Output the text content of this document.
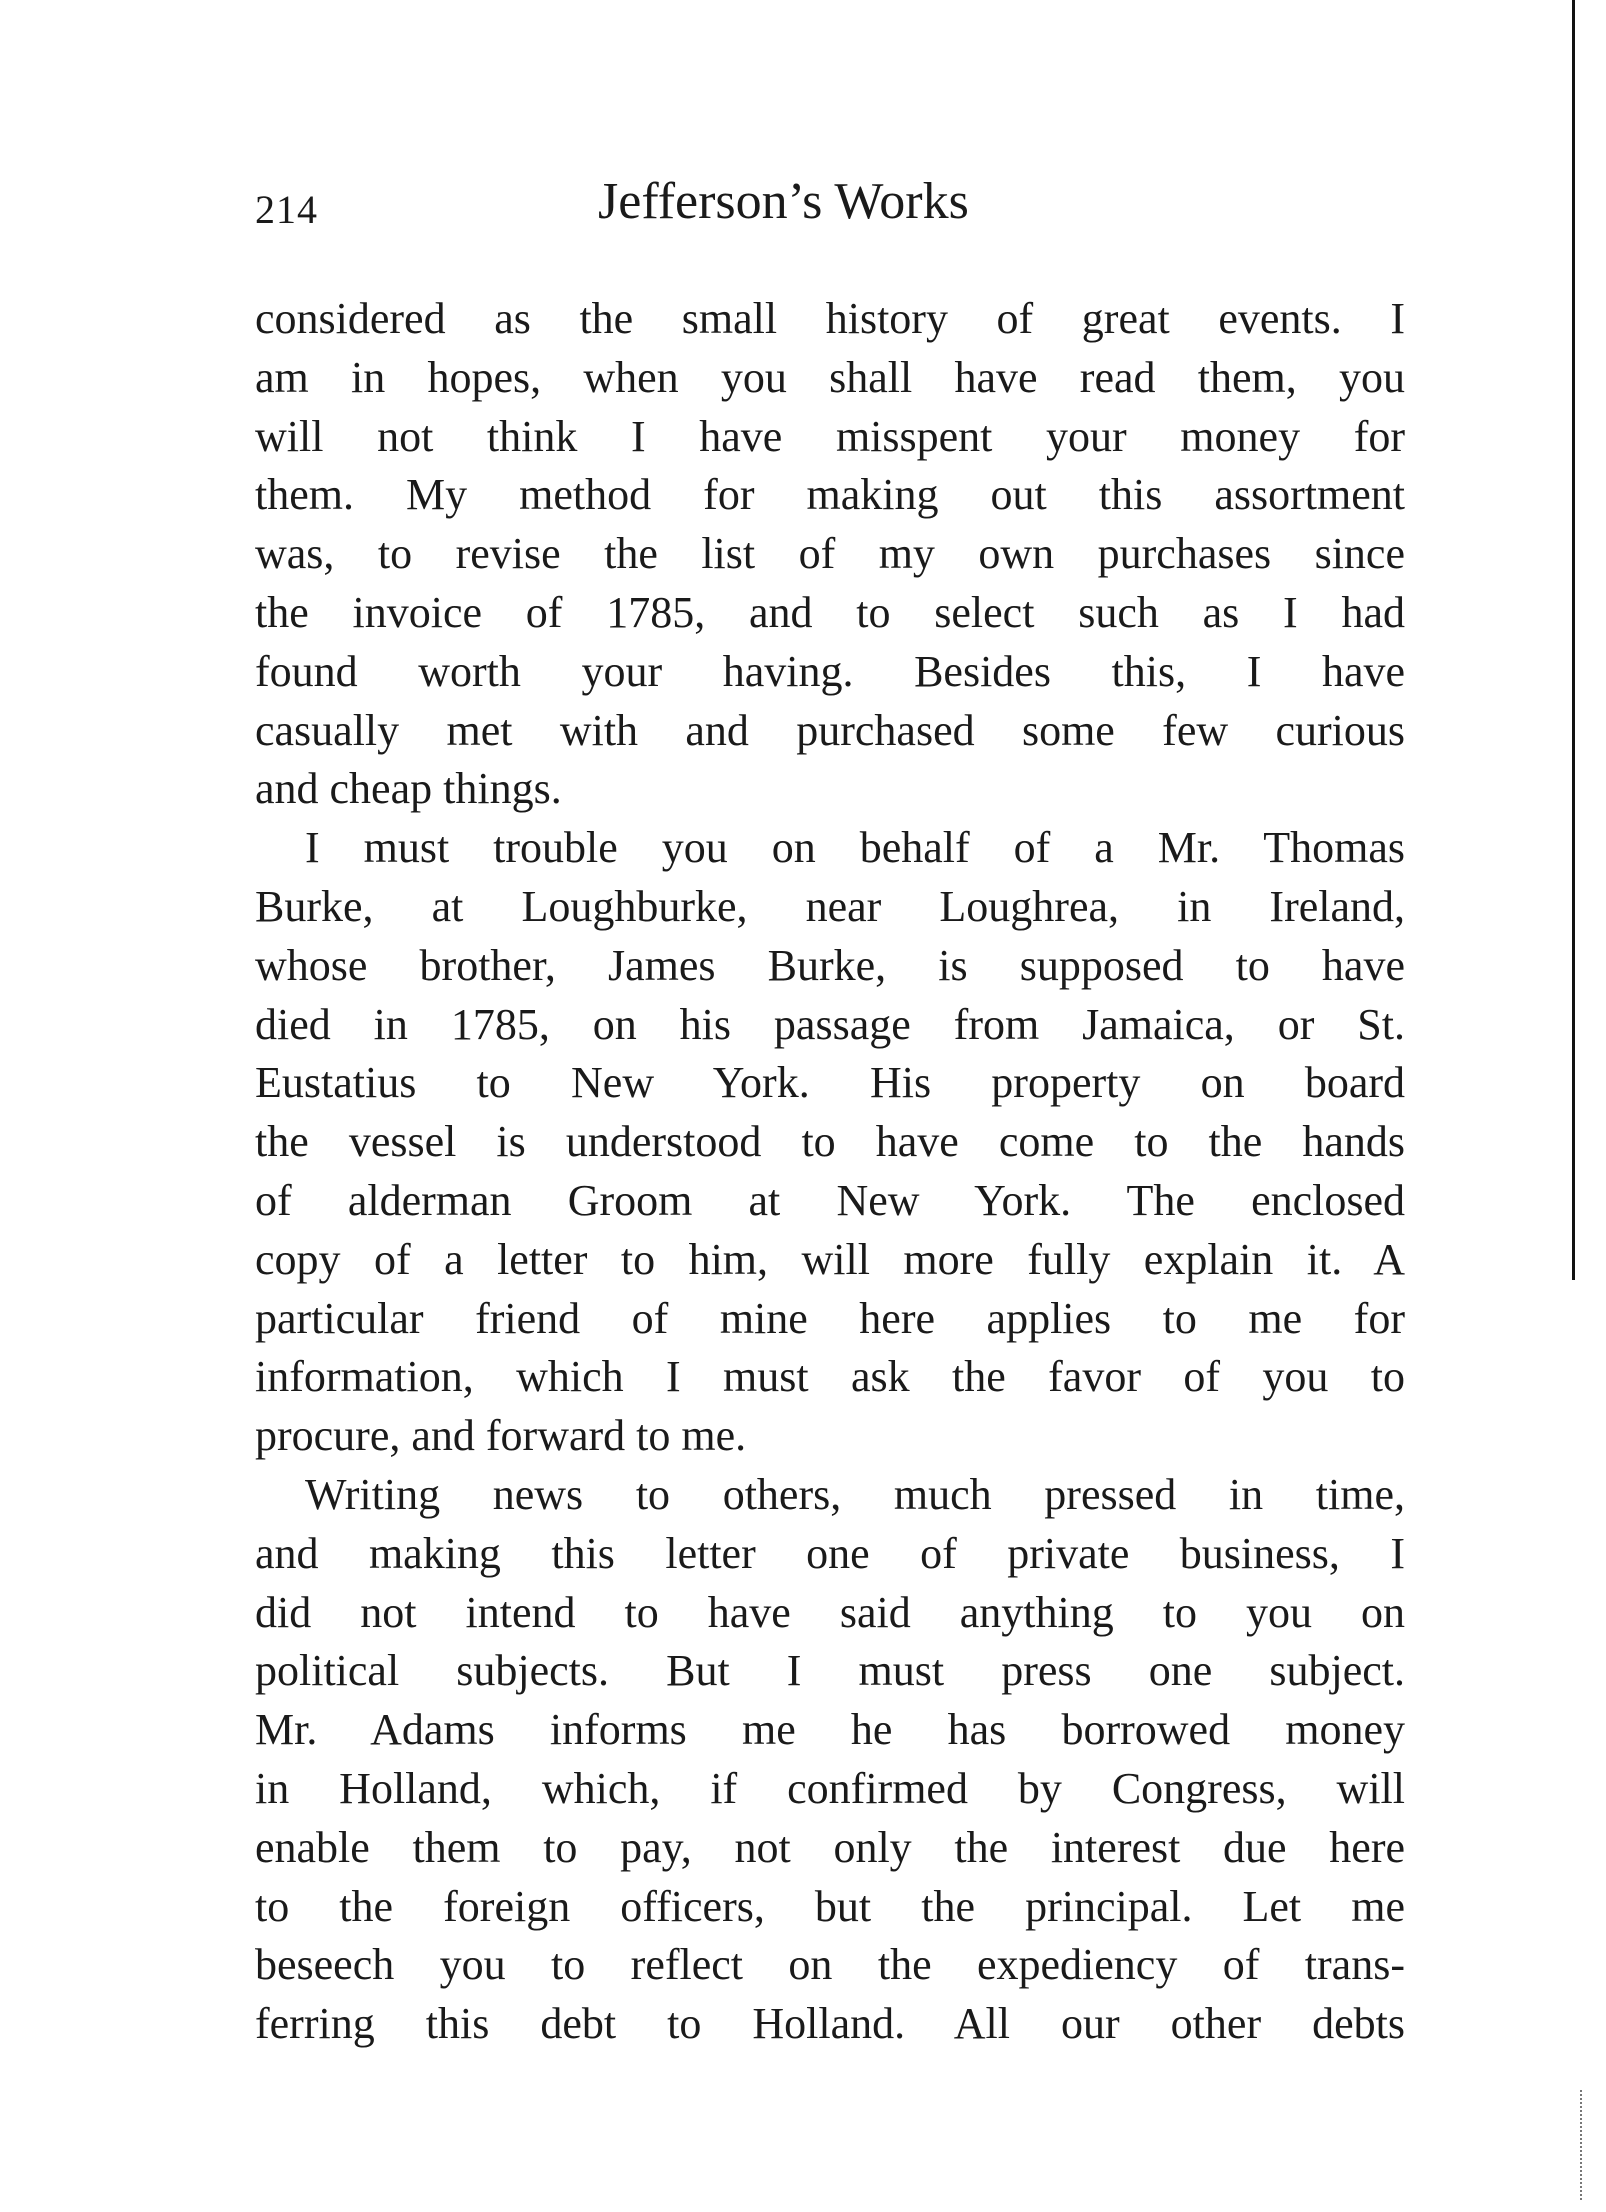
214	Jefferson’s Works
considered as the small history of great events. I
am in hopes, when you shall have read them, you
will not think I have misspent your money for
them. My method for making out this assortment
was, to revise the list of my own purchases since
the invoice of 1785, and to select such as I had
found worth your having. Besides this, I have
casually met with and purchased some few curious
and cheap things.
I must trouble you on behalf of a Mr. Thomas
Burke, at Loughburke, near Loughrea, in Ireland,
whose brother, James Burke, is supposed to have
died in 1785, on his passage from Jamaica, or St.
Eustatius to New York. His property on board
the vessel is understood to have come to the hands
of alderman Groom at New York. The enclosed
copy of a letter to him, will more fully explain it. A
particular friend of mine here applies to me for
information, which I must ask the favor of you to
procure, and forward to me.
Writing news to others, much pressed in time,
and making this letter one of private business, I
did not intend to have said anything to you on
political subjects. But I must press one subject.
Mr. Adams informs me he has borrowed money
in Holland, which, if confirmed by Congress, will
enable them to pay, not only the interest due here
to the foreign officers, but the principal. Let me
beseech you to reflect on the expediency of trans-
ferring this debt to Holland. All our other debts
